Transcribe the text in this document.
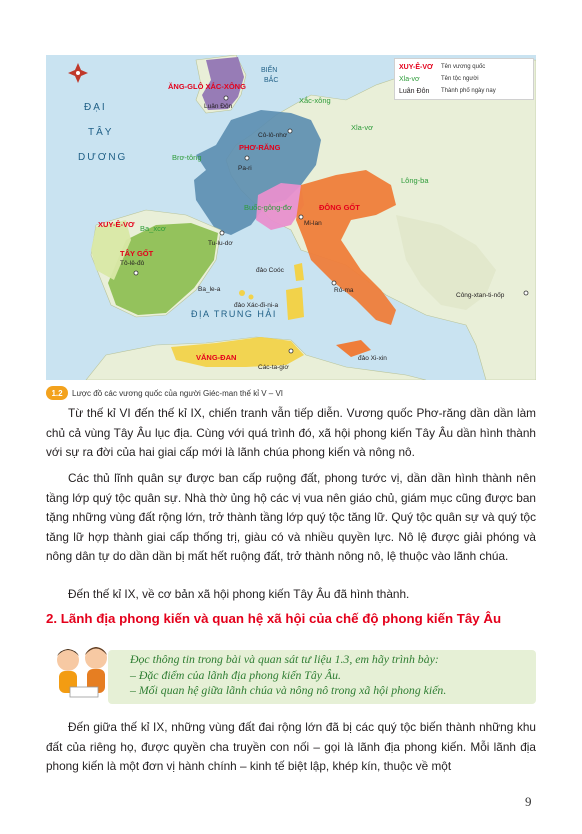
ĐẠI
TÂY
DƯƠNG
BIỂN
BẮC
ĐỊA TRUNG HẢI
ĂNG-GLÔ XẮC-XÔNG
PHƠ-RĂNG
Buốc-gông-đơ	ĐÔNG GỐT
XUY-Ê-VƠ
TÂY GỐT
VĂNG-ĐAN
Xắc-xông
Xla-vơ
Brơ-tông
Lông-ba
Ba_xcơ
Luân Đôn
Cô-lô-nhơ
Pa-ri
Mi-lan
Tu-lu-dơ
Tô-lê-đô
Rô-ma
Các-ta-giơ
Công-xtan-ti-nốp
đảo Coóc
đảo Xác-đi-ni-a
Ba_le-a
đảo Xi-xin
XUY-Ê-VƠ	Tên vương quốc
Xla-vơ	Tên tộc người
Luân Đôn	Thành phố ngày nay
1.2	Lược đồ các vương quốc của người Giéc-man thế kỉ V – VI

Từ thế kỉ VI đến thế kỉ IX, chiến tranh vẫn tiếp diễn. Vương quốc Phơ-răng dần dần làm chủ cả vùng Tây Âu lục địa. Cùng với quá trình đó, xã hội phong kiến Tây Âu dần hình thành với sự ra đời của hai giai cấp mới là lãnh chúa phong kiến và nông nô.

Các thủ lĩnh quân sự được ban cấp ruộng đất, phong tước vị, dần dần hình thành nên tầng lớp quý tộc quân sự. Nhà thờ ủng hộ các vị vua nên giáo chủ, giám mục cũng được ban tặng những vùng đất rộng lớn, trở thành tầng lớp quý tộc tăng lữ. Quý tộc quân sự và quý tộc tăng lữ hợp thành giai cấp thống trị, giàu có và nhiều quyền lực. Nô lệ được giải phóng và nông dân tự do dần dần bị mất hết ruộng đất, trở thành nông nô, lệ thuộc vào lãnh chúa.

Đến thế kỉ IX, về cơ bản xã hội phong kiến Tây Âu đã hình thành.

2. Lãnh địa phong kiến và quan hệ xã hội của chế độ phong kiến Tây Âu
Đọc thông tin trong bài và quan sát tư liệu 1.3, em hãy trình bày:
– Đặc điểm của lãnh địa phong kiến Tây Âu.
– Mối quan hệ giữa lãnh chúa và nông nô trong xã hội phong kiến.

Đến giữa thế kỉ IX, những vùng đất đai rộng lớn đã bị các quý tộc biến thành những khu đất của riêng họ, được quyền cha truyền con nối – gọi là lãnh địa phong kiến. Mỗi lãnh địa phong kiến là một đơn vị hành chính – kinh tế biệt lập, khép kín, thuộc về một

9
